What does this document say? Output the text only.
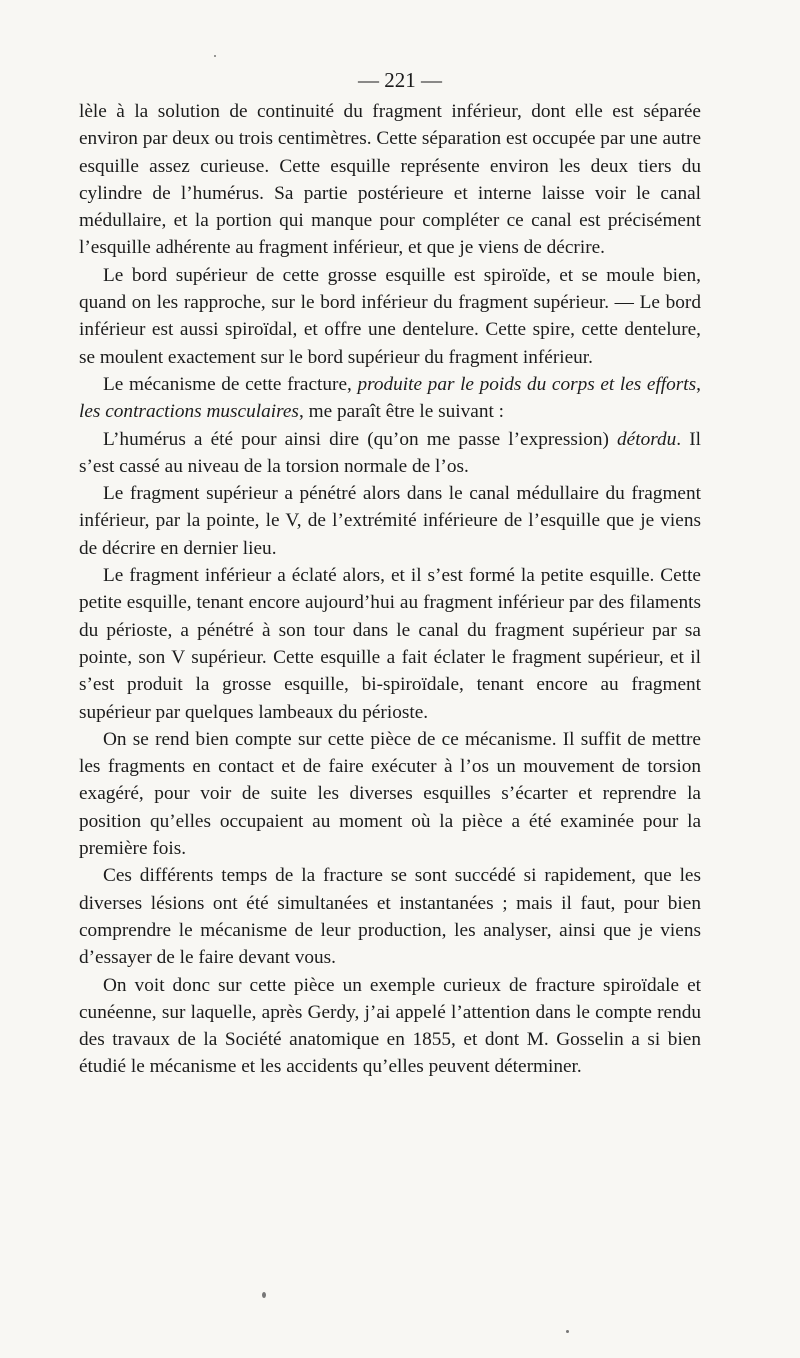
— 221 —

lèle à la solution de continuité du fragment inférieur, dont elle est séparée environ par deux ou trois centimètres. Cette séparation est occupée par une autre esquille assez curieuse. Cette esquille représente environ les deux tiers du cylindre de l’humérus. Sa partie postérieure et interne laisse voir le canal médullaire, et la portion qui manque pour compléter ce canal est précisément l’esquille adhérente au fragment inférieur, et que je viens de décrire.

Le bord supérieur de cette grosse esquille est spiroïde, et se moule bien, quand on les rapproche, sur le bord inférieur du fragment supérieur. — Le bord inférieur est aussi spiroïdal, et offre une dentelure. Cette spire, cette dentelure, se moulent exactement sur le bord supérieur du fragment inférieur.

Le mécanisme de cette fracture, produite par le poids du corps et les efforts, les contractions musculaires, me paraît être le suivant :

L’humérus a été pour ainsi dire (qu’on me passe l’expression) détordu. Il s’est cassé au niveau de la torsion normale de l’os.

Le fragment supérieur a pénétré alors dans le canal médullaire du fragment inférieur, par la pointe, le V, de l’extrémité inférieure de l’esquille que je viens de décrire en dernier lieu.

Le fragment inférieur a éclaté alors, et il s’est formé la petite esquille. Cette petite esquille, tenant encore aujourd’hui au fragment inférieur par des filaments du périoste, a pénétré à son tour dans le canal du fragment supérieur par sa pointe, son V supérieur. Cette esquille a fait éclater le fragment supérieur, et il s’est produit la grosse esquille, bi-spiroïdale, tenant encore au fragment supérieur par quelques lambeaux du périoste.

On se rend bien compte sur cette pièce de ce mécanisme. Il suffit de mettre les fragments en contact et de faire exécuter à l’os un mouvement de torsion exagéré, pour voir de suite les diverses esquilles s’écarter et reprendre la position qu’elles occupaient au moment où la pièce a été examinée pour la première fois.

Ces différents temps de la fracture se sont succédé si rapidement, que les diverses lésions ont été simultanées et instantanées ; mais il faut, pour bien comprendre le mécanisme de leur production, les analyser, ainsi que je viens d’essayer de le faire devant vous.

On voit donc sur cette pièce un exemple curieux de fracture spiroïdale et cunéenne, sur laquelle, après Gerdy, j’ai appelé l’attention dans le compte rendu des travaux de la Société anatomique en 1855, et dont M. Gosselin a si bien étudié le mécanisme et les accidents qu’elles peuvent déterminer.
